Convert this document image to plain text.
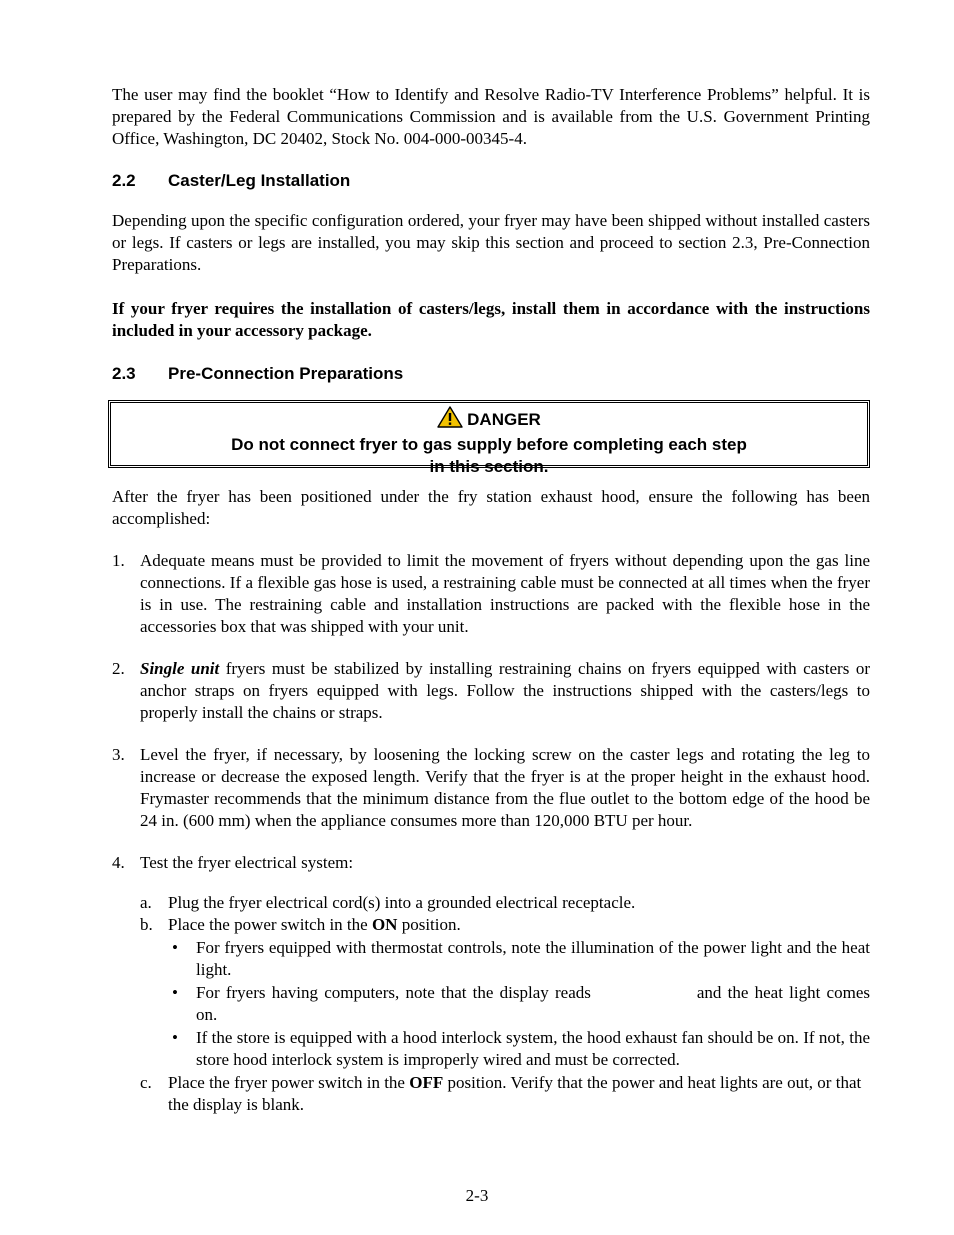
The user may find the booklet “How to Identify and Resolve Radio-TV Interference Problems” helpful. It is prepared by the Federal Communications Commission and is available from the U.S. Government Printing Office, Washington, DC 20402, Stock No. 004-000-00345-4.

2.2 Caster/Leg Installation

Depending upon the specific configuration ordered, your fryer may have been shipped without installed casters or legs. If casters or legs are installed, you may skip this section and proceed to section 2.3, Pre-Connection Preparations.

If your fryer requires the installation of casters/legs, install them in accordance with the instructions included in your accessory package.

2.3 Pre-Connection Preparations
DANGER
Do not connect fryer to gas supply before completing each step
in this section.

After the fryer has been positioned under the fry station exhaust hood, ensure the following has been accomplished:

1. Adequate means must be provided to limit the movement of fryers without depending upon the gas line connections. If a flexible gas hose is used, a restraining cable must be connected at all times when the fryer is in use. The restraining cable and installation instructions are packed with the flexible hose in the accessories box that was shipped with your unit.

2. Single unit fryers must be stabilized by installing restraining chains on fryers equipped with casters or anchor straps on fryers equipped with legs. Follow the instructions shipped with the casters/legs to properly install the chains or straps.

3. Level the fryer, if necessary, by loosening the locking screw on the caster legs and rotating the leg to increase or decrease the exposed length. Verify that the fryer is at the proper height in the exhaust hood. Frymaster recommends that the minimum distance from the flue outlet to the bottom edge of the hood be 24 in. (600 mm) when the appliance consumes more than 120,000 BTU per hour.

4. Test the fryer electrical system:

a. Plug the fryer electrical cord(s) into a grounded electrical receptacle.
b. Place the power switch in the ON position.
• For fryers equipped with thermostat controls, note the illumination of the power light and the heat light.
• For fryers having computers, note that the display reads	and the heat light comes on.
• If the store is equipped with a hood interlock system, the hood exhaust fan should be on. If not, the store hood interlock system is improperly wired and must be corrected.
c. Place the fryer power switch in the OFF position. Verify that the power and heat lights are out, or that the display is blank.
2-3
